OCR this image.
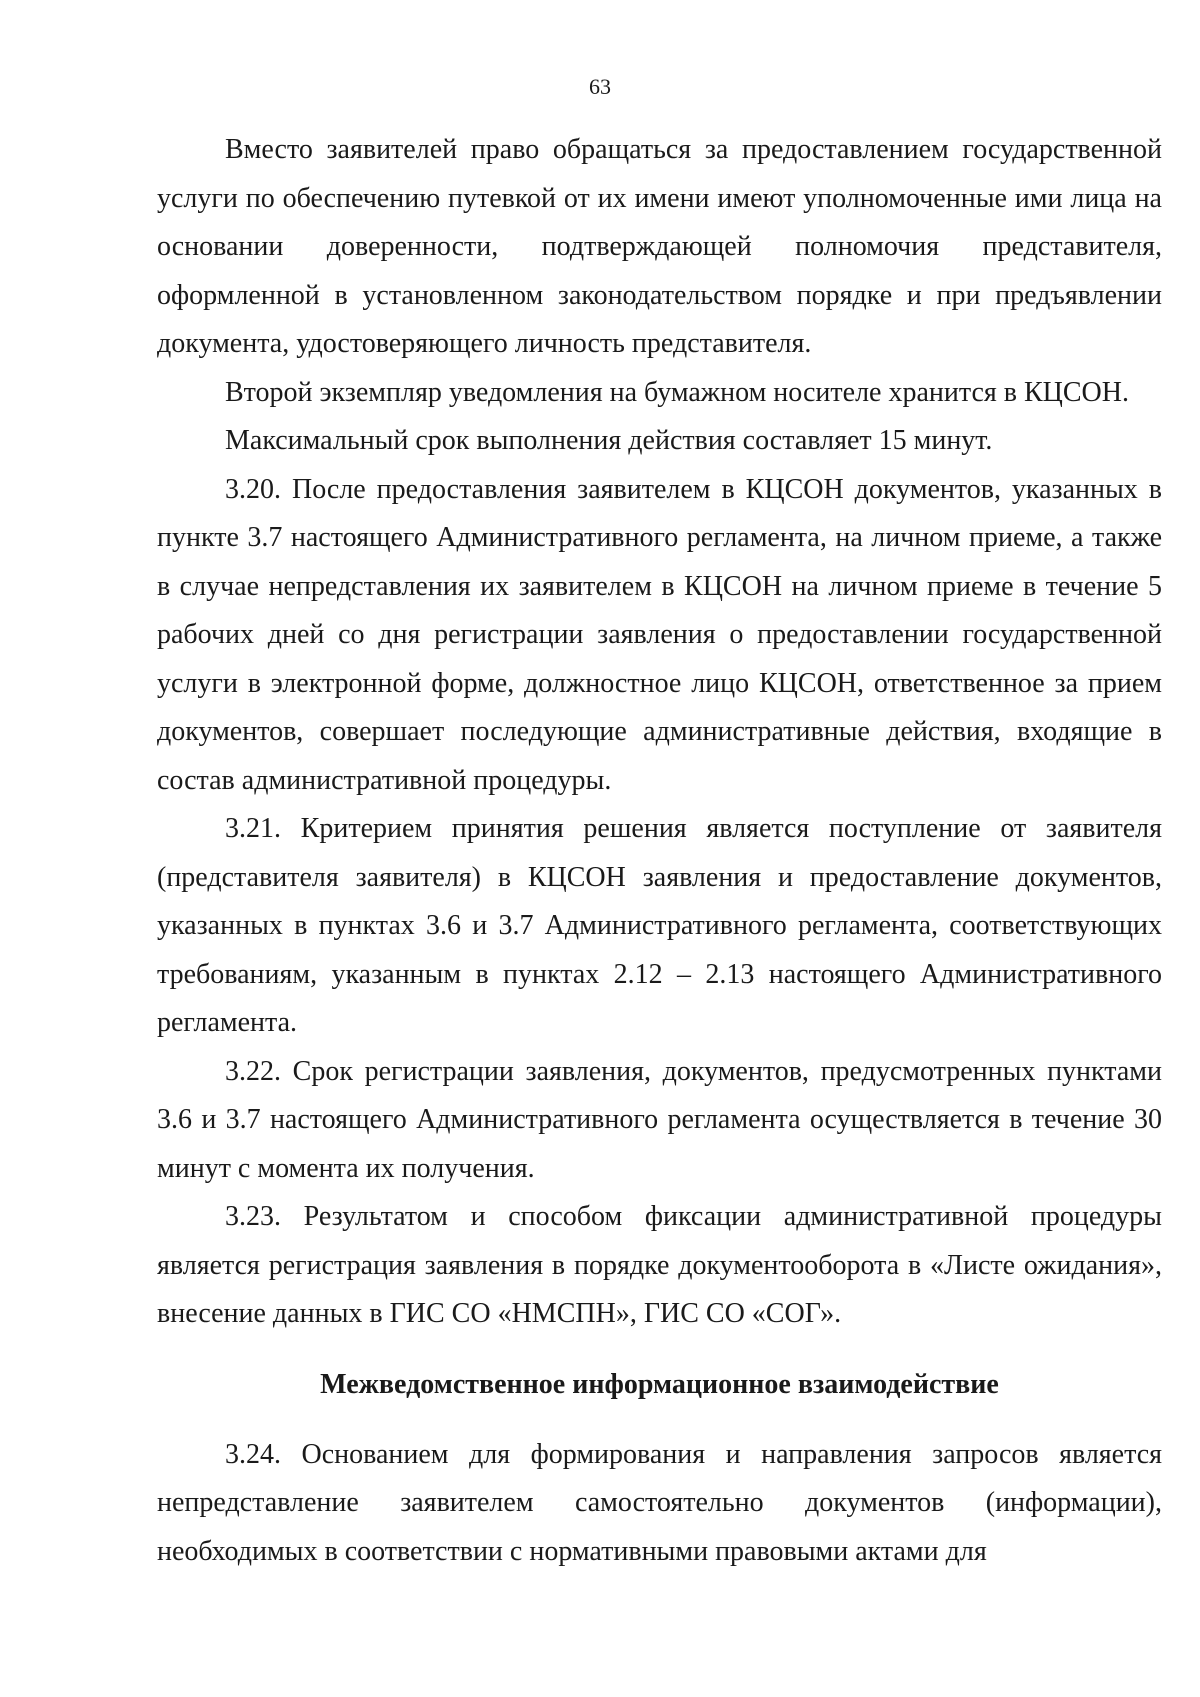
63

Вместо заявителей право обращаться за предоставлением государственной услуги по обеспечению путевкой от их имени имеют уполномоченные ими лица на основании доверенности, подтверждающей полномочия представителя, оформленной в установленном законодательством порядке и при предъявлении документа, удостоверяющего личность представителя.

Второй экземпляр уведомления на бумажном носителе хранится в КЦСОН.

Максимальный срок выполнения действия составляет 15 минут.

3.20. После предоставления заявителем в КЦСОН документов, указанных в пункте 3.7 настоящего Административного регламента, на личном приеме, а также в случае непредставления их заявителем в КЦСОН на личном приеме в течение 5 рабочих дней со дня регистрации заявления о предоставлении государственной услуги в электронной форме, должностное лицо КЦСОН, ответственное за прием документов, совершает последующие административные действия, входящие в состав административной процедуры.

3.21. Критерием принятия решения является поступление от заявителя (представителя заявителя) в КЦСОН заявления и предоставление документов, указанных в пунктах 3.6 и 3.7 Административного регламента, соответствующих требованиям, указанным в пунктах 2.12 – 2.13 настоящего Административного регламента.

3.22. Срок регистрации заявления, документов, предусмотренных пунктами 3.6 и 3.7 настоящего Административного регламента осуществляется в течение 30 минут с момента их получения.

3.23. Результатом и способом фиксации административной процедуры является регистрация заявления в порядке документооборота в «Листе ожидания», внесение данных в ГИС СО «НМСПН», ГИС СО «СОГ».

Межведомственное информационное взаимодействие

3.24. Основанием для формирования и направления запросов является непредставление заявителем самостоятельно документов (информации), необходимых в соответствии с нормативными правовыми актами для
